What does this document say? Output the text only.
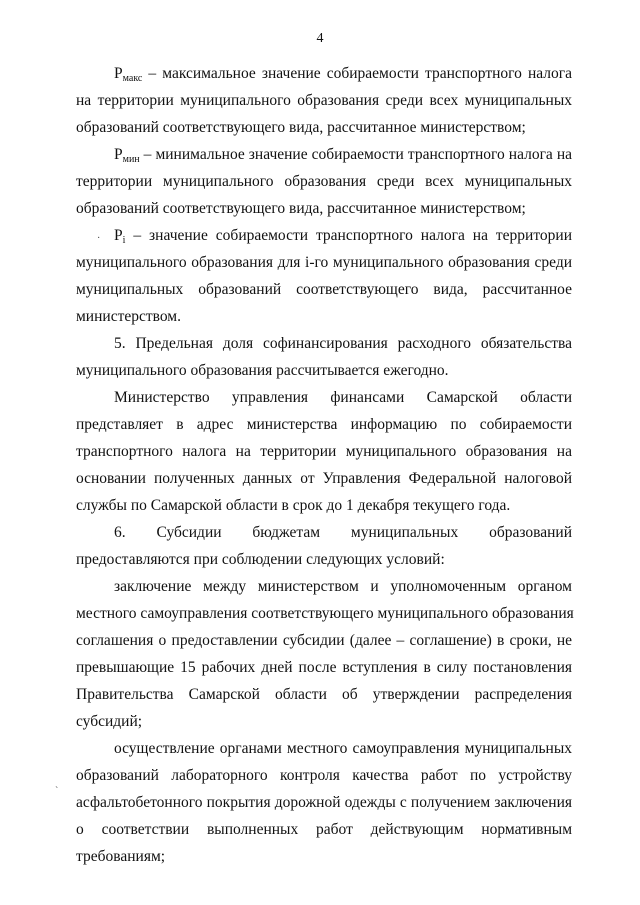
4
$P_{макс}$ – максимальное значение собираемости транспортного налога
на территории муниципального образования среди всех муниципальных
образований соответствующего вида, рассчитанное министерством;
$P_{мин}$ – минимальное значение собираемости транспортного налога на
территории муниципального образования среди всех муниципальных
образований соответствующего вида, рассчитанное министерством;
$P_i$ – значение собираемости транспортного налога на территории
муниципального образования для i-го муниципального образования среди
муниципальных образований соответствующего вида, рассчитанное
министерством.
5. Предельная доля софинансирования расходного обязательства
муниципального образования рассчитывается ежегодно.
Министерство управления финансами Самарской области
представляет в адрес министерства информацию по собираемости
транспортного налога на территории муниципального образования на
основании полученных данных от Управления Федеральной налоговой
службы по Самарской области в срок до 1 декабря текущего года.
6. Субсидии бюджетам муниципальных образований
предоставляются при соблюдении следующих условий:
заключение между министерством и уполномоченным органом
местного самоуправления соответствующего муниципального образования
соглашения о предоставлении субсидии (далее – соглашение) в сроки, не
превышающие 15 рабочих дней после вступления в силу постановления
Правительства Самарской области об утверждении распределения
субсидий;
осуществление органами местного самоуправления муниципальных
образований лабораторного контроля качества работ по устройству
асфальтобетонного покрытия дорожной одежды с получением заключения
о соответствии выполненных работ действующим нормативным
требованиям;
·
`
